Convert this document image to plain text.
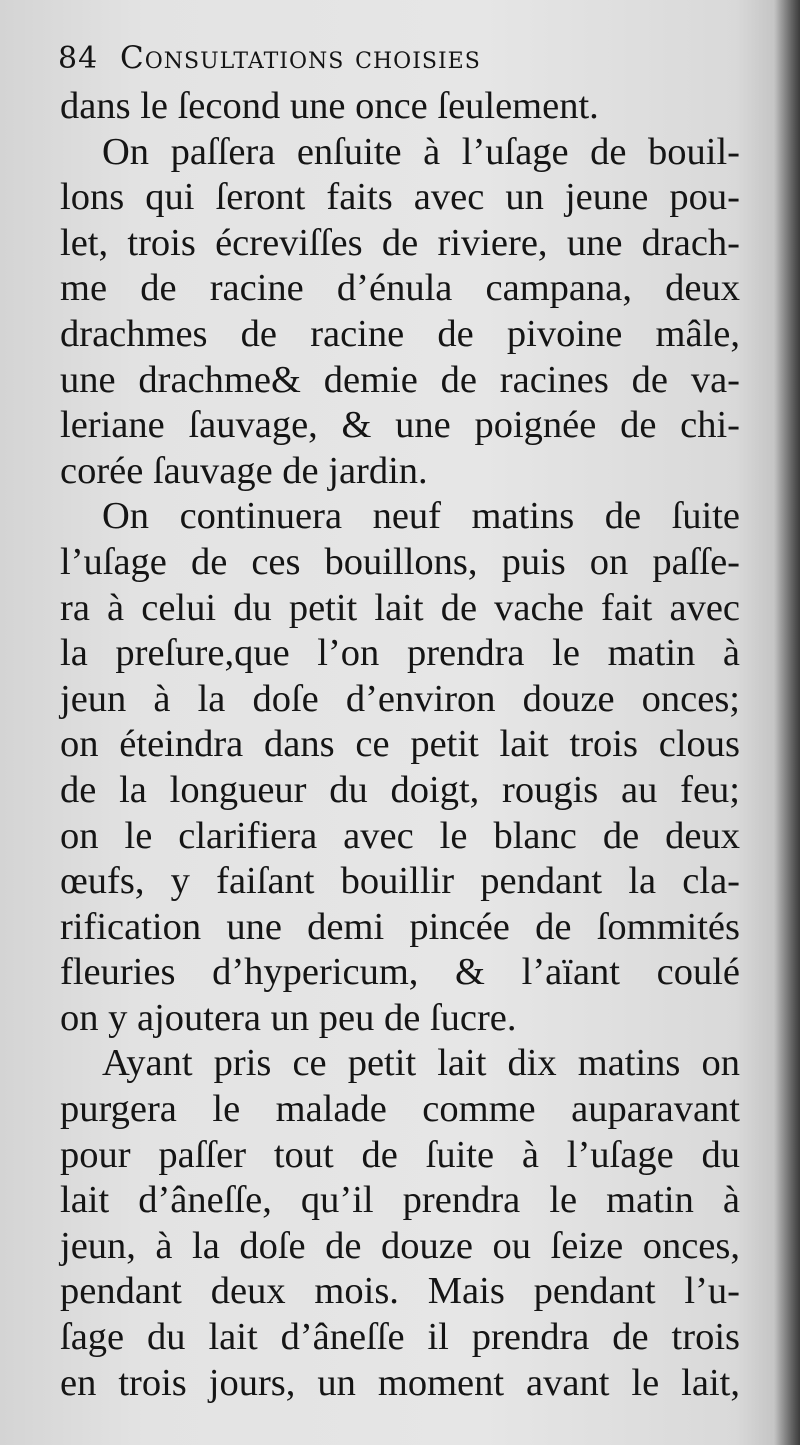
84 Consultations choisies
dans le ſecond une once ſeulement.
On paſſera enſuite à l’uſage de bouil-
lons qui ſeront faits avec un jeune pou-
let, trois écreviſſes de riviere, une drach-
me de racine d’énula campana, deux
drachmes de racine de pivoine mâle,
une drachme& demie de racines de va-
leriane ſauvage, & une poignée de chi-
corée ſauvage de jardin.
On continuera neuf matins de ſuite
l’uſage de ces bouillons, puis on paſſe-
ra à celui du petit lait de vache fait avec
la preſure,que l’on prendra le matin à
jeun à la doſe d’environ douze onces;
on éteindra dans ce petit lait trois clous
de la longueur du doigt, rougis au feu;
on le clarifiera avec le blanc de deux
œufs, y faiſant bouillir pendant la cla-
rification une demi pincée de ſommités
fleuries d’hypericum, & l’aïant coulé
on y ajoutera un peu de ſucre.
Ayant pris ce petit lait dix matins on
purgera le malade comme auparavant
pour paſſer tout de ſuite à l’uſage du
lait d’âneſſe, qu’il prendra le matin à
jeun, à la doſe de douze ou ſeize onces,
pendant deux mois. Mais pendant l’u-
ſage du lait d’âneſſe il prendra de trois
en trois jours, un moment avant le lait,
